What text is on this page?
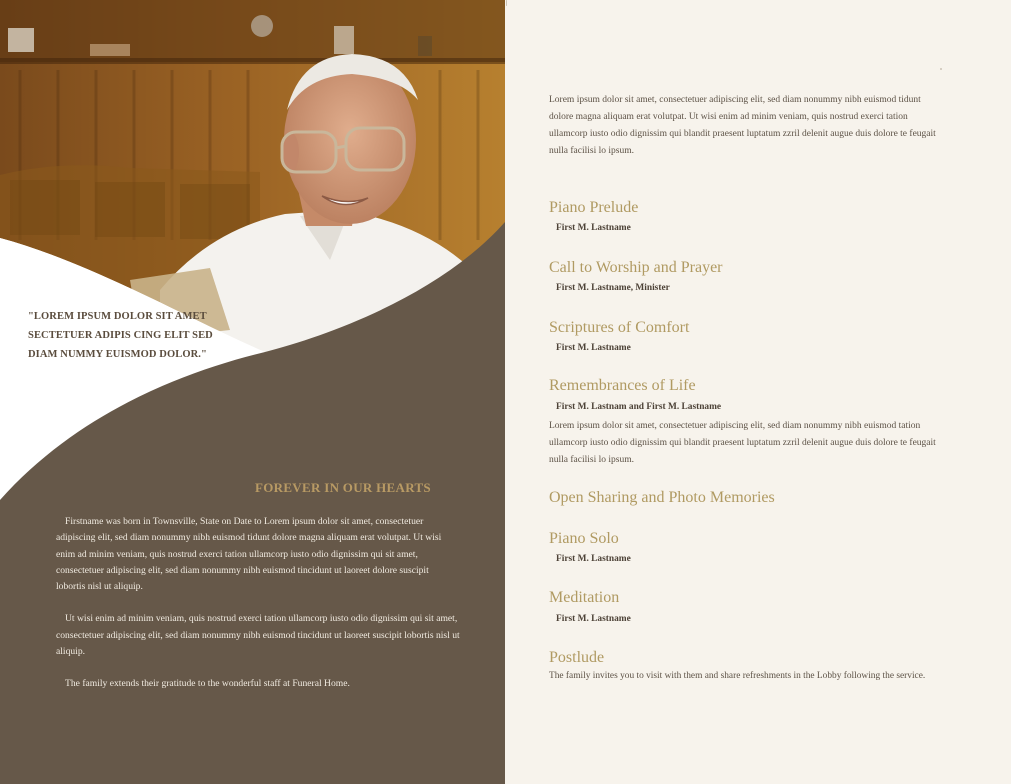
"LOREM IPSUM DOLOR SIT AMET SECTETUER ADIPIS CING ELIT SED DIAM NUMMY EUISMOD DOLOR."
FOREVER IN OUR HEARTS

Firstname was born in Townsville, State on Date to Lorem ipsum dolor sit amet, consectetuer adipiscing elit, sed diam nonummy nibh euismod tidunt dolore magna aliquam erat volutpat. Ut wisi enim ad minim veniam, quis nostrud exerci tation ullamcorp iusto odio dignissim qui sit amet, consectetuer adipiscing elit, sed diam nonummy nibh euismod tincidunt ut laoreet dolore suscipit lobortis nisl ut aliquip.

Ut wisi enim ad minim veniam, quis nostrud exerci tation ullamcorp iusto odio dignissim qui sit amet, consectetuer adipiscing elit, sed diam nonummy nibh euismod tincidunt ut laoreet suscipit lobortis nisl ut aliquip.

The family extends their gratitude to the wonderful staff at Funeral Home.

Lorem ipsum dolor sit amet, consectetuer adipiscing elit, sed diam nonummy nibh euismod tidunt dolore magna aliquam erat volutpat. Ut wisi enim ad minim veniam, quis nostrud exerci tation ullamcorp iusto odio dignissim qui blandit praesent luptatum zzril delenit augue duis dolore te feugait nulla facilisi lo ipsum.
Piano Prelude
First M. Lastname
Call to Worship and Prayer
First M. Lastname, Minister
Scriptures of Comfort
First M. Lastname
Remembrances of Life
First M. Lastnam and First M. Lastname
Lorem ipsum dolor sit amet, consectetuer adipiscing elit, sed diam nonummy nibh euismod tation ullamcorp iusto odio dignissim qui blandit praesent luptatum zzril delenit augue duis dolore te feugait nulla facilisi lo ipsum.
Open Sharing and Photo Memories
Piano Solo
First M. Lastname
Meditation
First M. Lastname
Postlude
The family invites you to visit with them and share refreshments in the Lobby following the service.
